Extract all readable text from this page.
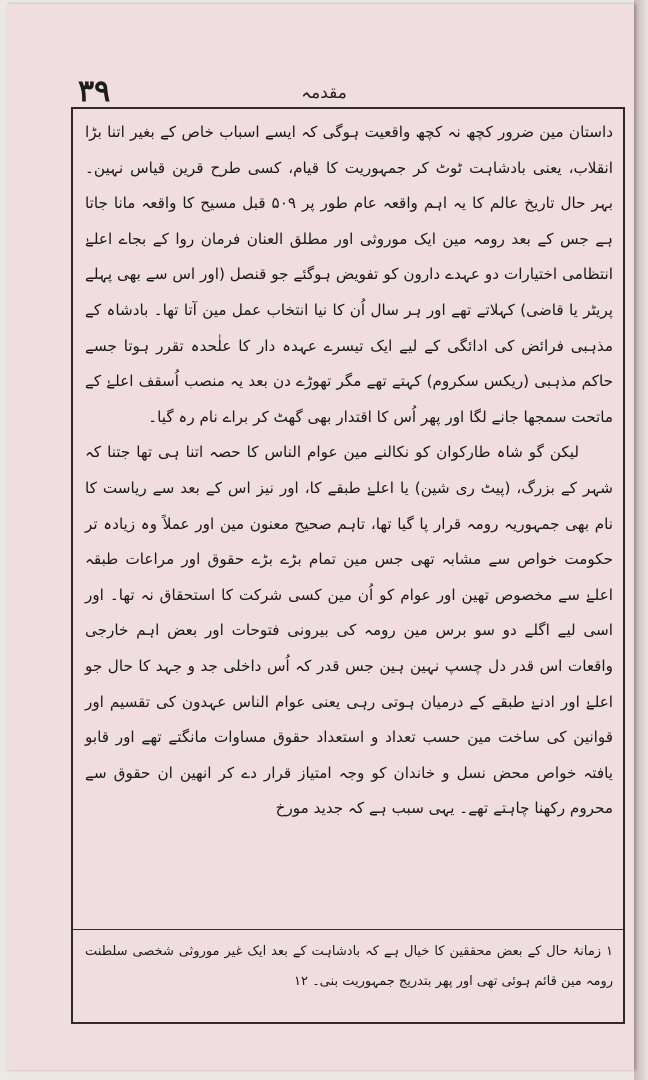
۳۹	مقدمہ

داستان مین ضرور کچھ نہ کچھ واقعیت ہوگی کہ ایسے اسباب خاص کے بغیر اتنا بڑا انقلاب، یعنی بادشاہت ٹوٹ کر جمہوریت کا قیام، کسی طرح قرین قیاس نہین۔ بہر حال تاریخ عالم کا یہ اہم واقعہ عام طور پر ۵۰۹ قبل مسیح کا واقعہ مانا جاتا ہے جس کے بعد رومہ مین ایک موروثی اور مطلق العنان فرمان روا کے بجاے اعلےٰ انتظامی اختیارات دو عہدے دارون کو تفویض ہوگئے جو قنصل (اور اس سے بھی پہلے پریٹر یا قاضی) کہلاتے تھے اور ہر سال اُن کا نیا انتخاب عمل مین آتا تھا۔ بادشاہ کے مذہبی فرائض کی ادائگی کے لیے ایک تیسرے عہدہ دار کا علٰحدہ تقرر ہوتا جسے حاکم مذہبی (ریکس سکروم) کہتے تھے مگر تھوڑے دن بعد یہ منصب اُسقف اعلےٰ کے ماتحت سمجھا جانے لگا اور پھر اُس کا اقتدار بھی گھٹ کر براے نام رہ گیا۔

لیکن گو شاہ طارکوان کو نکالنے مین عوام الناس کا حصہ اتنا ہی تھا جتنا کہ شہر کے بزرگ، (پیٹ ری شین) یا اعلےٰ طبقے کا، اور نیز اس کے بعد سے ریاست کا نام بھی جمہوریہ رومہ قرار پا گیا تھا، تاہم صحیح معنون مین اور عملاً وہ زیادہ تر حکومت خواص سے مشابہ تھی جس مین تمام بڑے بڑے حقوق اور مراعات طبقہ اعلےٰ سے مخصوص تھین اور عوام کو اُن مین کسی شرکت کا استحقاق نہ تھا۔ اور اسی لیے اگلے دو سو برس مین رومہ کی بیرونی فتوحات اور بعض اہم خارجی واقعات اس قدر دل چسپ نہین ہین جس قدر کہ اُس داخلی جد و جہد کا حال جو اعلےٰ اور ادنےٰ طبقے کے درمیان ہوتی رہی یعنی عوام الناس عہدون کی تقسیم اور قوانین کی ساخت مین حسب تعداد و استعداد حقوق مساوات مانگتے تھے اور قابو یافتہ خواص محض نسل و خاندان کو وجہ امتیاز قرار دے کر انھین ان حقوق سے محروم رکھنا چاہتے تھے۔ یہی سبب ہے کہ جدید مورخ

۱ زمانۂ حال کے بعض محققین کا خیال ہے کہ بادشاہت کے بعد ایک غیر موروثی شخصی سلطنت رومہ مین قائم ہوئی تھی اور پھر بتدریج جمہوریت بنی۔ ۱۲
